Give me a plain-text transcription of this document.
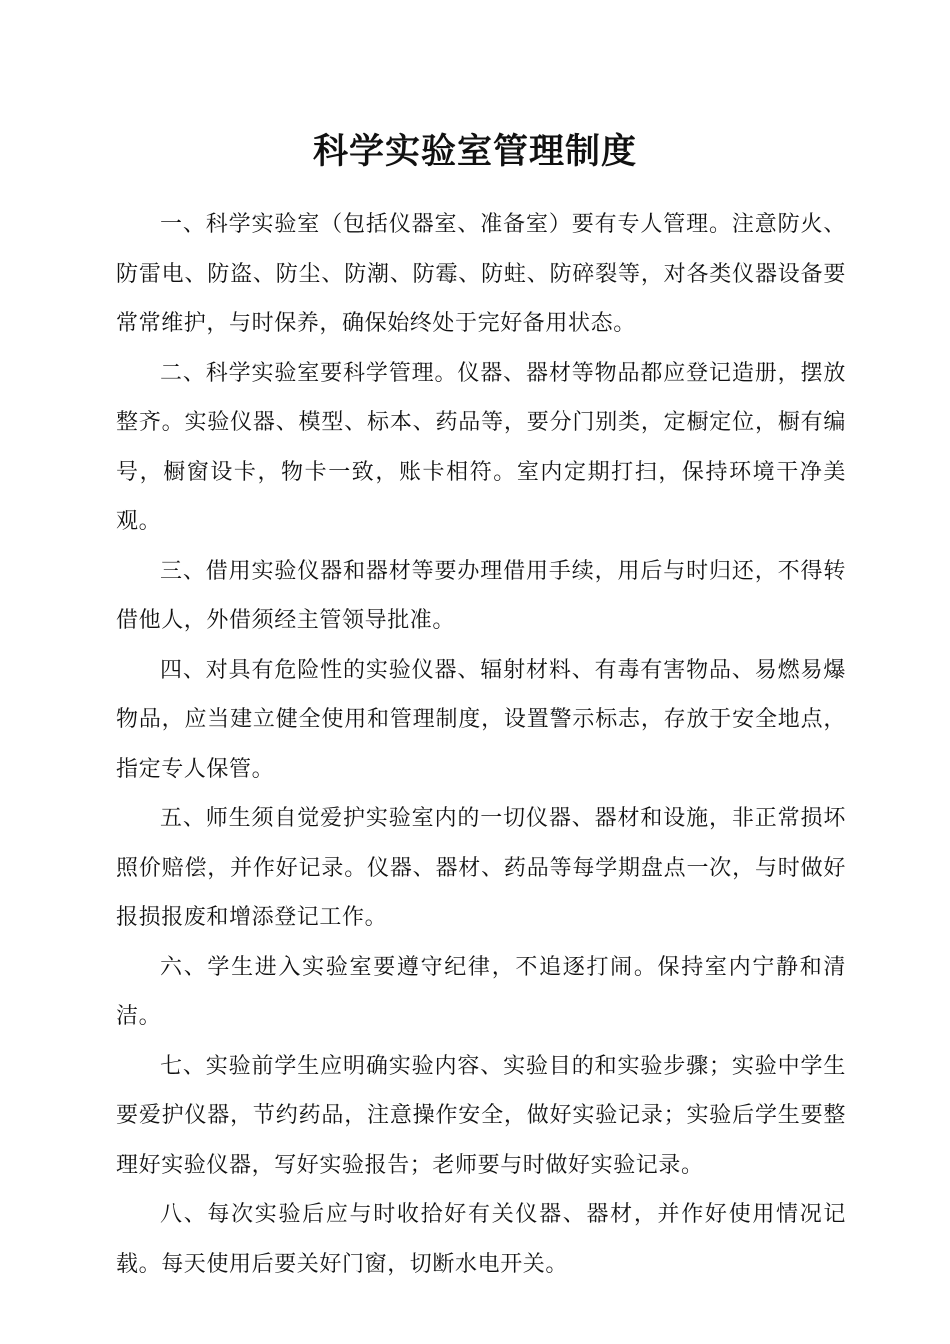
科学实验室管理制度

一、科学实验室（包括仪器室、准备室）要有专人管理。注意防火、防雷电、防盗、防尘、防潮、防霉、防蛀、防碎裂等，对各类仪器设备要常常维护，与时保养，确保始终处于完好备用状态。

二、科学实验室要科学管理。仪器、器材等物品都应登记造册，摆放整齐。实验仪器、模型、标本、药品等，要分门别类，定橱定位，橱有编号，橱窗设卡，物卡一致，账卡相符。室内定期打扫，保持环境干净美观。

三、借用实验仪器和器材等要办理借用手续，用后与时归还，不得转借他人，外借须经主管领导批准。

四、对具有危险性的实验仪器、辐射材料、有毒有害物品、易燃易爆物品，应当建立健全使用和管理制度，设置警示标志，存放于安全地点，指定专人保管。

五、师生须自觉爱护实验室内的一切仪器、器材和设施，非正常损坏照价赔偿，并作好记录。仪器、器材、药品等每学期盘点一次，与时做好报损报废和增添登记工作。

六、学生进入实验室要遵守纪律，不追逐打闹。保持室内宁静和清洁。

七、实验前学生应明确实验内容、实验目的和实验步骤；实验中学生要爱护仪器，节约药品，注意操作安全，做好实验记录；实验后学生要整理好实验仪器，写好实验报告；老师要与时做好实验记录。

八、每次实验后应与时收拾好有关仪器、器材，并作好使用情况记载。每天使用后要关好门窗，切断水电开关。
